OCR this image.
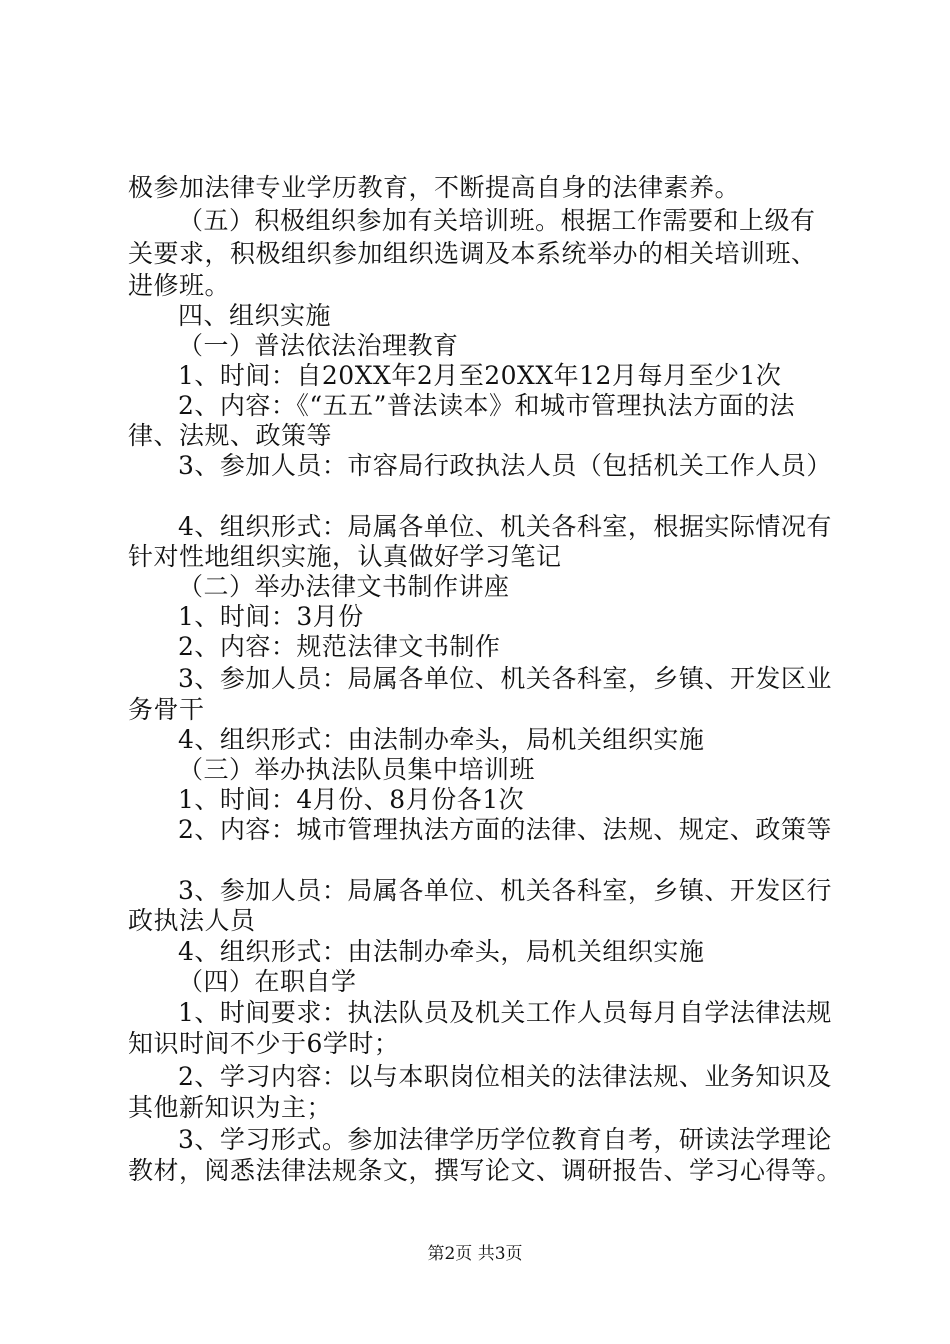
极参加法律专业学历教育，不断提高自身的法律素养。
（五）积极组织参加有关培训班。根据工作需要和上级有
关要求，积极组织参加组织选调及本系统举办的相关培训班、
进修班。
四、组织实施
（一）普法依法治理教育
1、时间：自20XX年2月至20XX年12月每月至少1次
2、内容：《“五五”普法读本》和城市管理执法方面的法
律、法规、政策等
3、参加人员：市容局行政执法人员（包括机关工作人员）
4、组织形式：局属各单位、机关各科室，根据实际情况有
针对性地组织实施，认真做好学习笔记
（二）举办法律文书制作讲座
1、时间：3月份
2、内容：规范法律文书制作
3、参加人员：局属各单位、机关各科室，乡镇、开发区业
务骨干
4、组织形式：由法制办牵头，局机关组织实施
（三）举办执法队员集中培训班
1、时间：4月份、8月份各1次
2、内容：城市管理执法方面的法律、法规、规定、政策等
3、参加人员：局属各单位、机关各科室，乡镇、开发区行
政执法人员
4、组织形式：由法制办牵头，局机关组织实施
（四）在职自学
1、时间要求：执法队员及机关工作人员每月自学法律法规
知识时间不少于6学时；
2、学习内容：以与本职岗位相关的法律法规、业务知识及
其他新知识为主；
3、学习形式。参加法律学历学位教育自考，研读法学理论
教材，阅悉法律法规条文，撰写论文、调研报告、学习心得等。
第2页 共3页
